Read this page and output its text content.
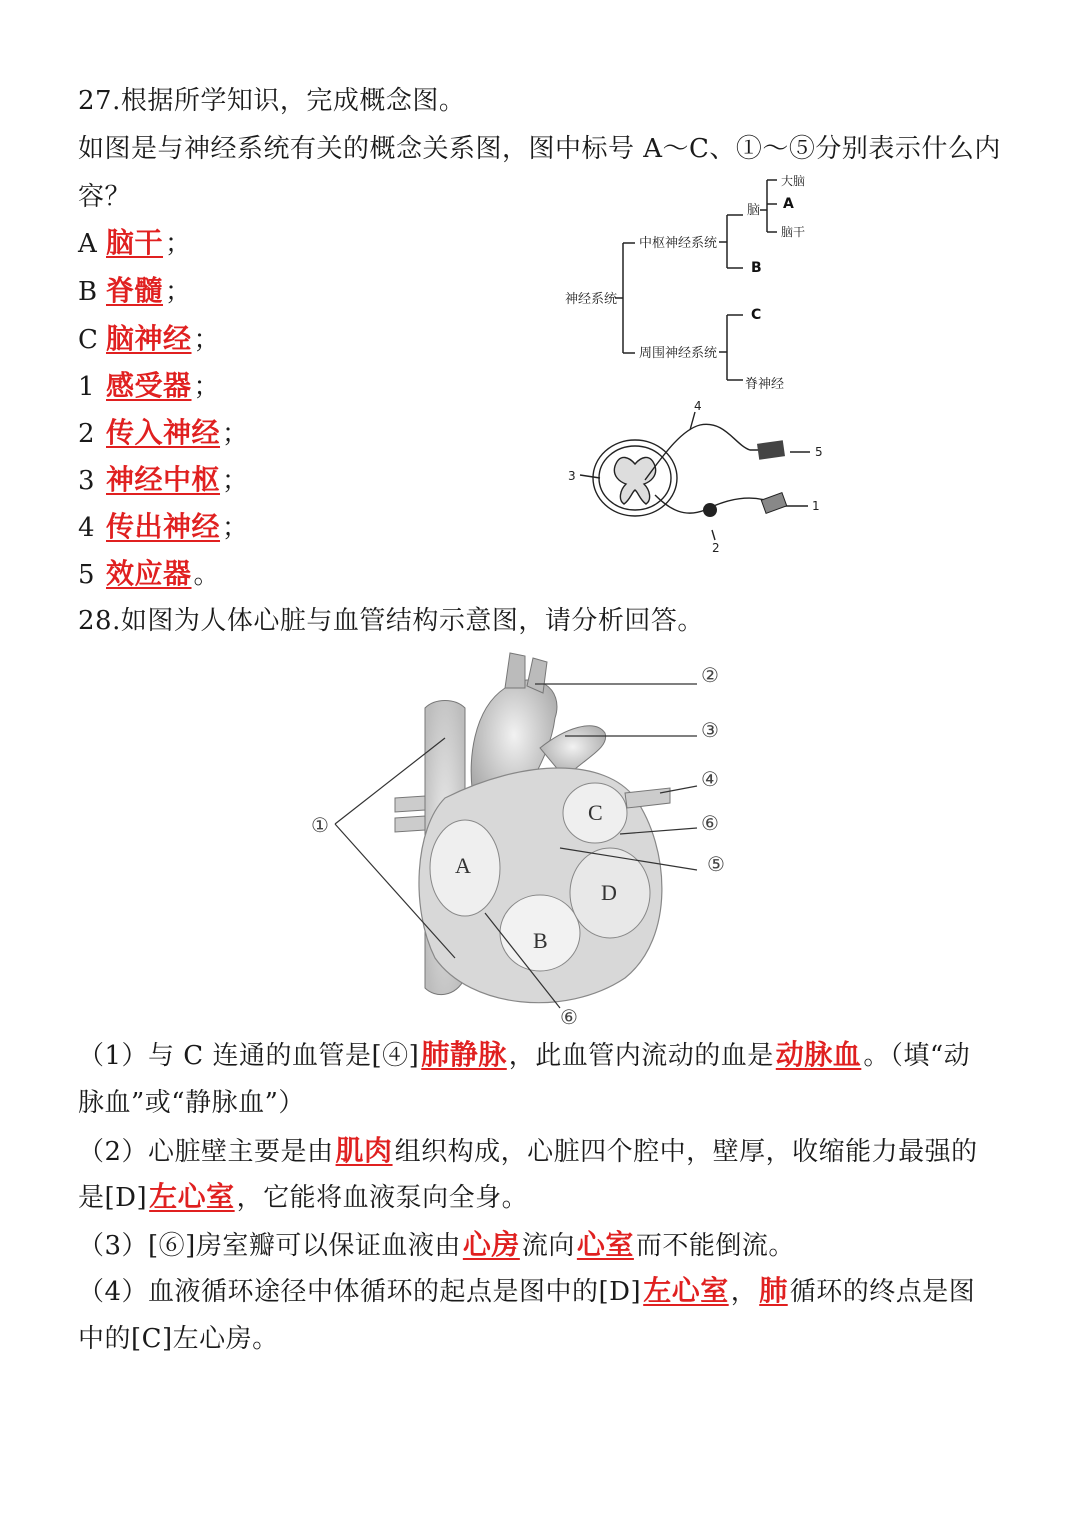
27.根据所学知识，完成概念图。
如图是与神经系统有关的概念关系图，图中标号 A～C、①～⑤分别表示什么内
容？
A 脑干；
B 脊髓；
C 脑神经；
1 感受器；
2 传入神经；
3 神经中枢；
4 传出神经；
5 效应器。
神经系统
中枢神经系统
周围神经系统
脑
大脑
A
脑干
B
C
脊神经
3
4
5
1
2
28.如图为人体心脏与血管结构示意图，请分析回答。
A
B
C
D
①
②
③
④
⑤
⑥
⑥
（1）与 C 连通的血管是[④]肺静脉，此血管内流动的血是动脉血。（填“动
脉血”或“静脉血”）
（2）心脏壁主要是由肌肉组织构成，心脏四个腔中，壁厚，收缩能力最强的
是[D]左心室，它能将血液泵向全身。
（3）[⑥]房室瓣可以保证血液由心房流向心室而不能倒流。
（4）血液循环途径中体循环的起点是图中的[D]左心室，肺循环的终点是图
中的[C]左心房。
